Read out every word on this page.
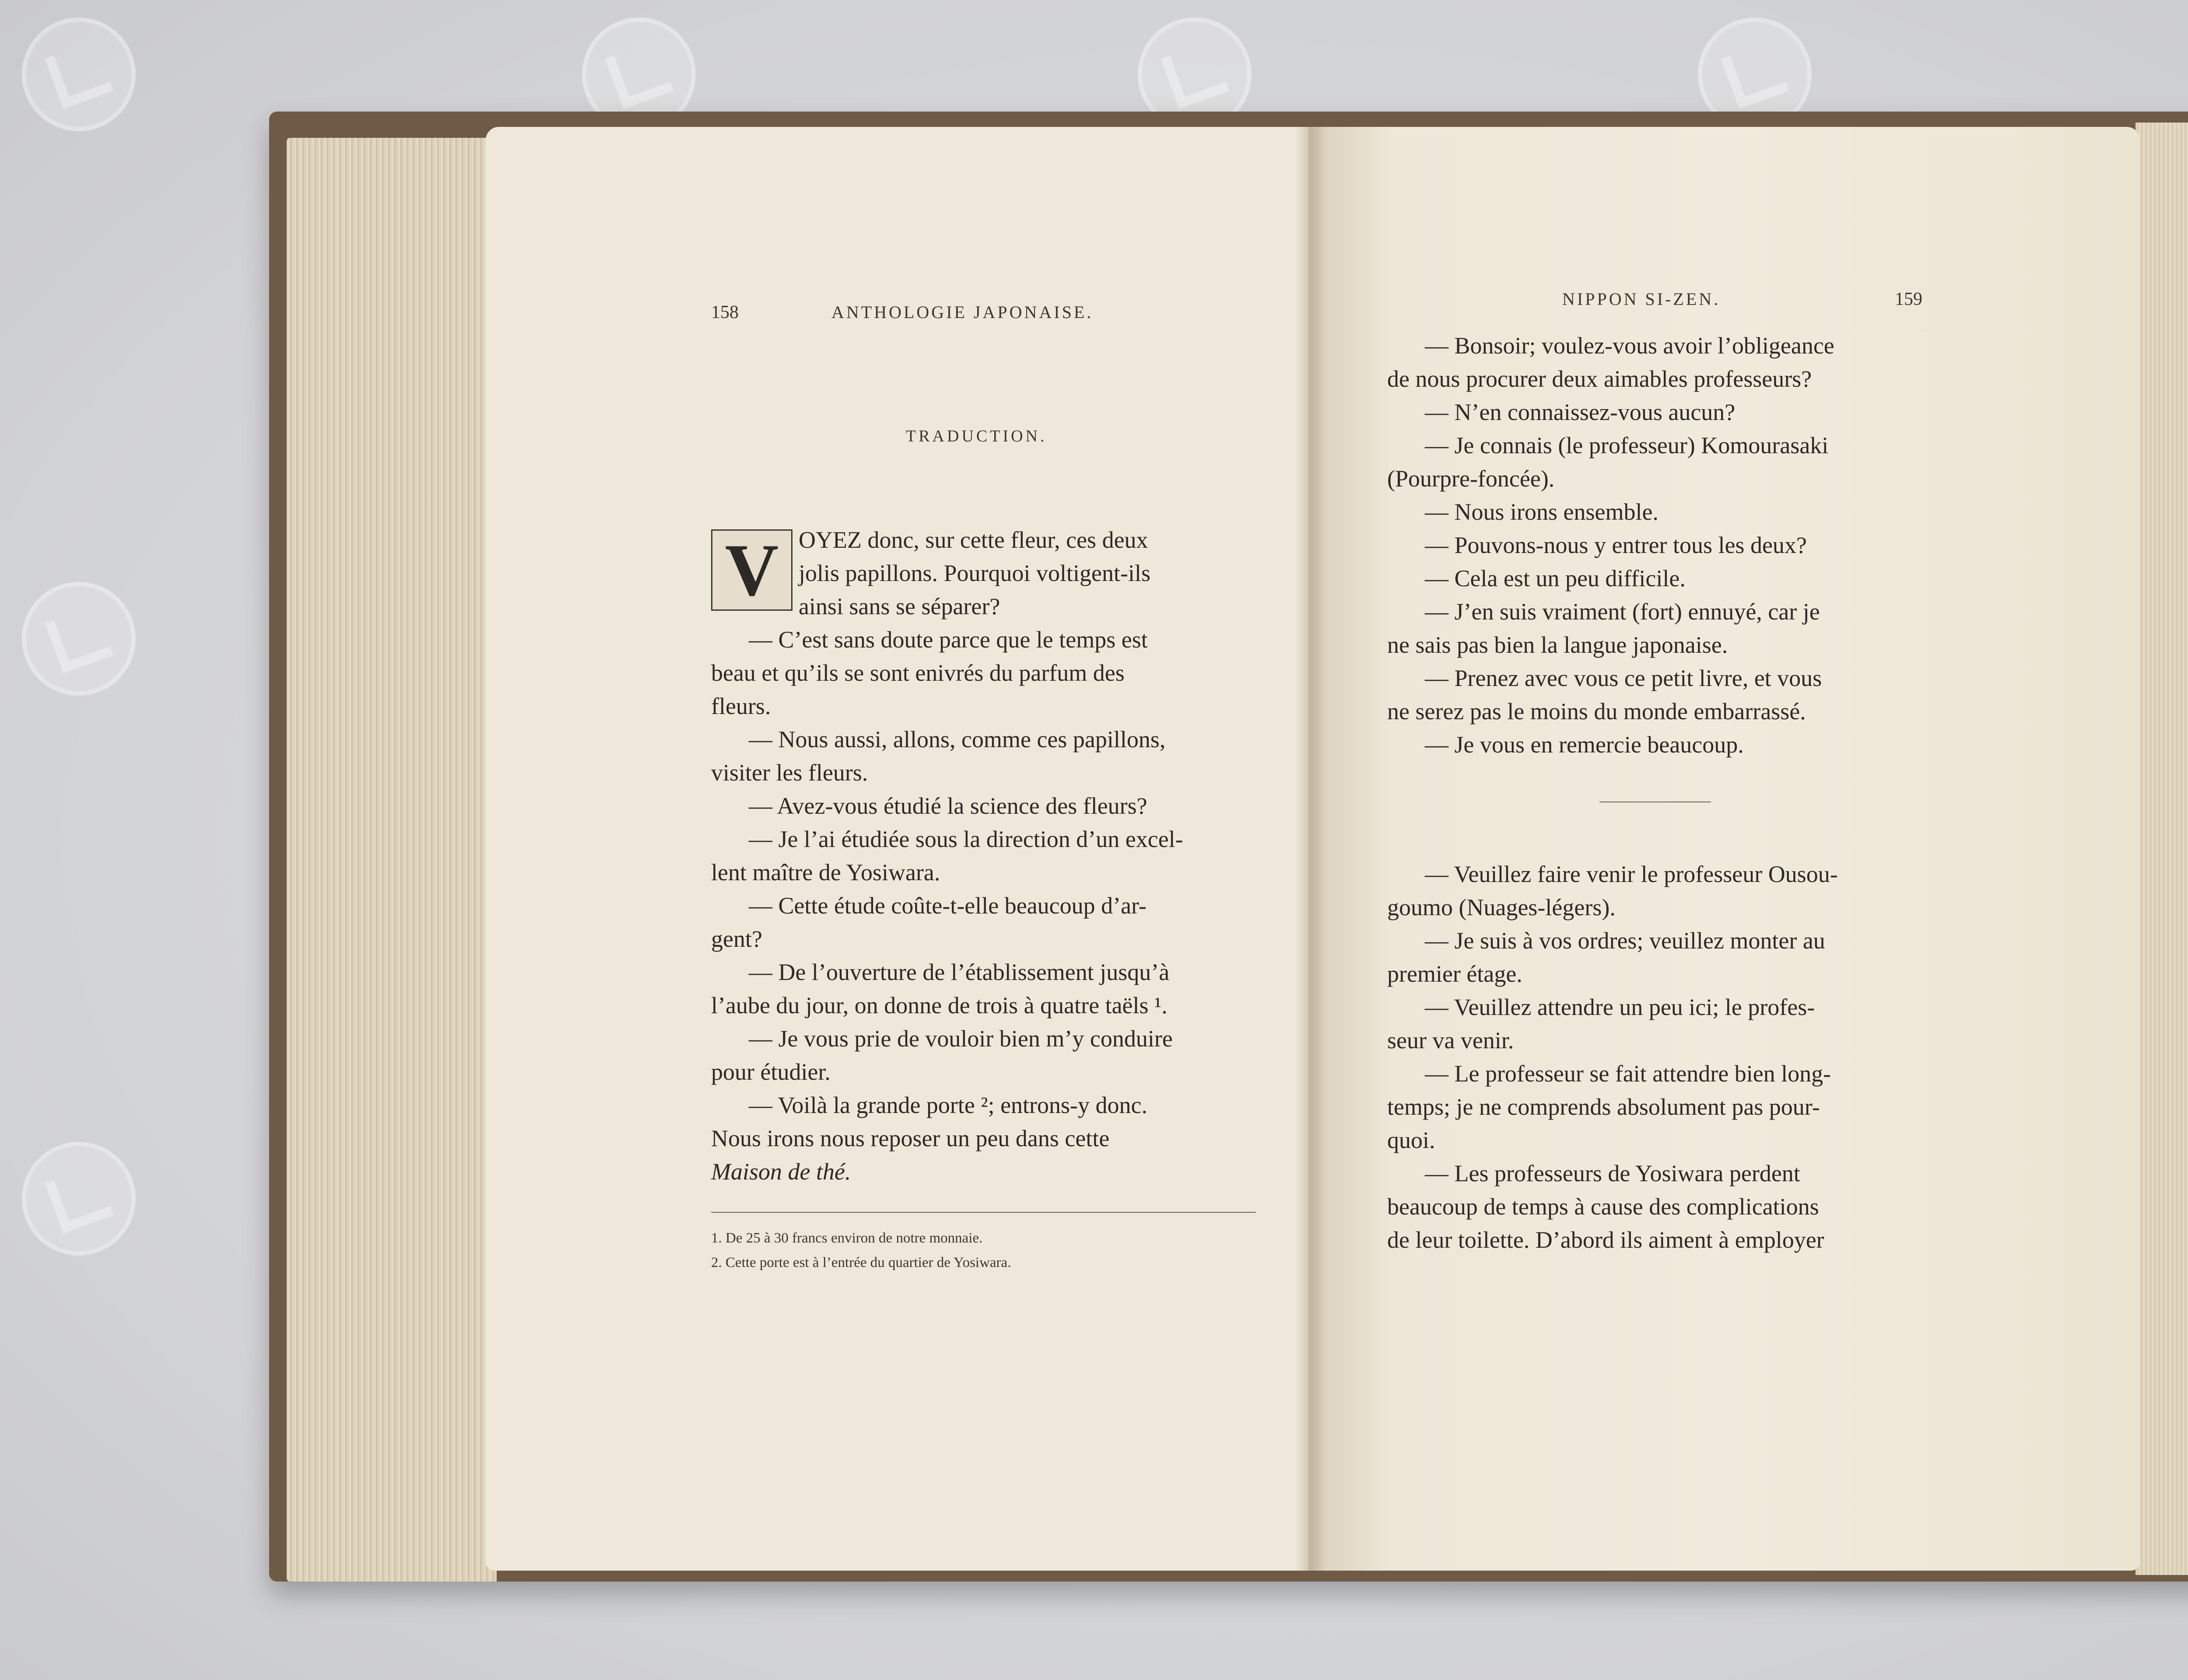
158	ANTHOLOGIE JAPONAISE.
TRADUCTION.
V OYEZ donc, sur cette fleur, ces deux
jolis papillons. Pourquoi voltigent-ils
ainsi sans se séparer?
— C’est sans doute parce que le temps est
beau et qu’ils se sont enivrés du parfum des
fleurs.
— Nous aussi, allons, comme ces papillons,
visiter les fleurs.
— Avez-vous étudié la science des fleurs?
— Je l’ai étudiée sous la direction d’un excel-
lent maître de Yosiwara.
— Cette étude coûte-t-elle beaucoup d’ar-
gent?
— De l’ouverture de l’établissement jusqu’à
l’aube du jour, on donne de trois à quatre taëls ¹.
— Je vous prie de vouloir bien m’y conduire
pour étudier.
— Voilà la grande porte ²; entrons-y donc.
Nous irons nous reposer un peu dans cette
Maison de thé.
1. De 25 à 30 francs environ de notre monnaie.
2. Cette porte est à l’entrée du quartier de Yosiwara.
NIPPON SI-ZEN.	159
— Bonsoir; voulez-vous avoir l’obligeance
de nous procurer deux aimables professeurs?
— N’en connaissez-vous aucun?
— Je connais (le professeur) Komourasaki
(Pourpre-foncée).
— Nous irons ensemble.
— Pouvons-nous y entrer tous les deux?
— Cela est un peu difficile.
— J’en suis vraiment (fort) ennuyé, car je
ne sais pas bien la langue japonaise.
— Prenez avec vous ce petit livre, et vous
ne serez pas le moins du monde embarrassé.
— Je vous en remercie beaucoup.
— Veuillez faire venir le professeur Ousou-
goumo (Nuages-légers).
— Je suis à vos ordres; veuillez monter au
premier étage.
— Veuillez attendre un peu ici; le profes-
seur va venir.
— Le professeur se fait attendre bien long-
temps; je ne comprends absolument pas pour-
quoi.
— Les professeurs de Yosiwara perdent
beaucoup de temps à cause des complications
de leur toilette. D’abord ils aiment à employer
